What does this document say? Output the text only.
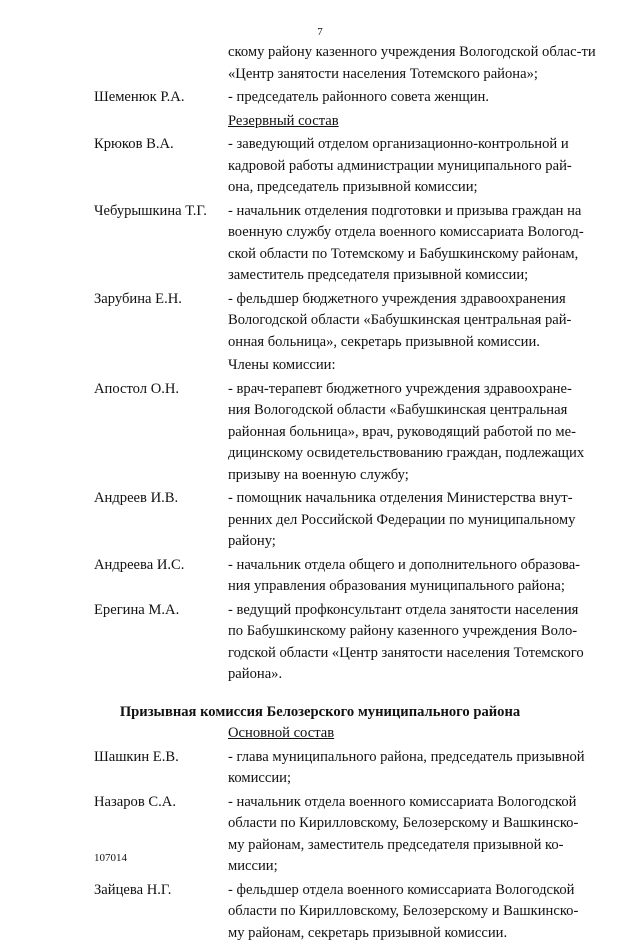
7
скому району казенного учреждения Вологодской облас-ти
«Центр занятости населения Тотемского района»;
Шеменюк Р.А.	- председатель районного совета женщин.
Резервный состав
Крюков В.А.	- заведующий отделом организационно-контрольной и
кадровой работы администрации муниципального рай-
она, председатель призывной комиссии;
Чебурышкина Т.Г.	- начальник отделения подготовки и призыва граждан на
военную службу отдела военного комиссариата Вологод-
ской области по Тотемскому и Бабушкинскому районам,
заместитель председателя призывной комиссии;
Зарубина Е.Н.	- фельдшер бюджетного учреждения здравоохранения
Вологодской области «Бабушкинская центральная рай-
онная больница», секретарь призывной комиссии.
Члены комиссии:
Апостол О.Н.	- врач-терапевт бюджетного учреждения здравоохране-
ния Вологодской области «Бабушкинская центральная
районная больница», врач, руководящий работой по ме-
дицинскому освидетельствованию граждан, подлежащих
призыву на военную службу;
Андреев И.В.	- помощник начальника отделения Министерства внут-
ренних дел Российской Федерации по муниципальному
району;
Андреева И.С.	- начальник отдела общего и дополнительного образова-
ния управления образования муниципального района;
Ерегина М.А.	- ведущий профконсультант отдела занятости населения
по Бабушкинскому району казенного учреждения Воло-
годской области «Центр занятости населения Тотемского
района».
Призывная комиссия Белозерского муниципального района
Основной состав
Шашкин Е.В.	- глава муниципального района, председатель призывной
комиссии;
Назаров С.А.	- начальник отдела военного комиссариата Вологодской
области по Кирилловскому, Белозерскому и Вашкинско-
му районам, заместитель председателя призывной ко-
миссии;
Зайцева Н.Г.	- фельдшер отдела военного комиссариата Вологодской
области по Кирилловскому, Белозерскому и Вашкинско-
му районам, секретарь призывной комиссии.
107014
